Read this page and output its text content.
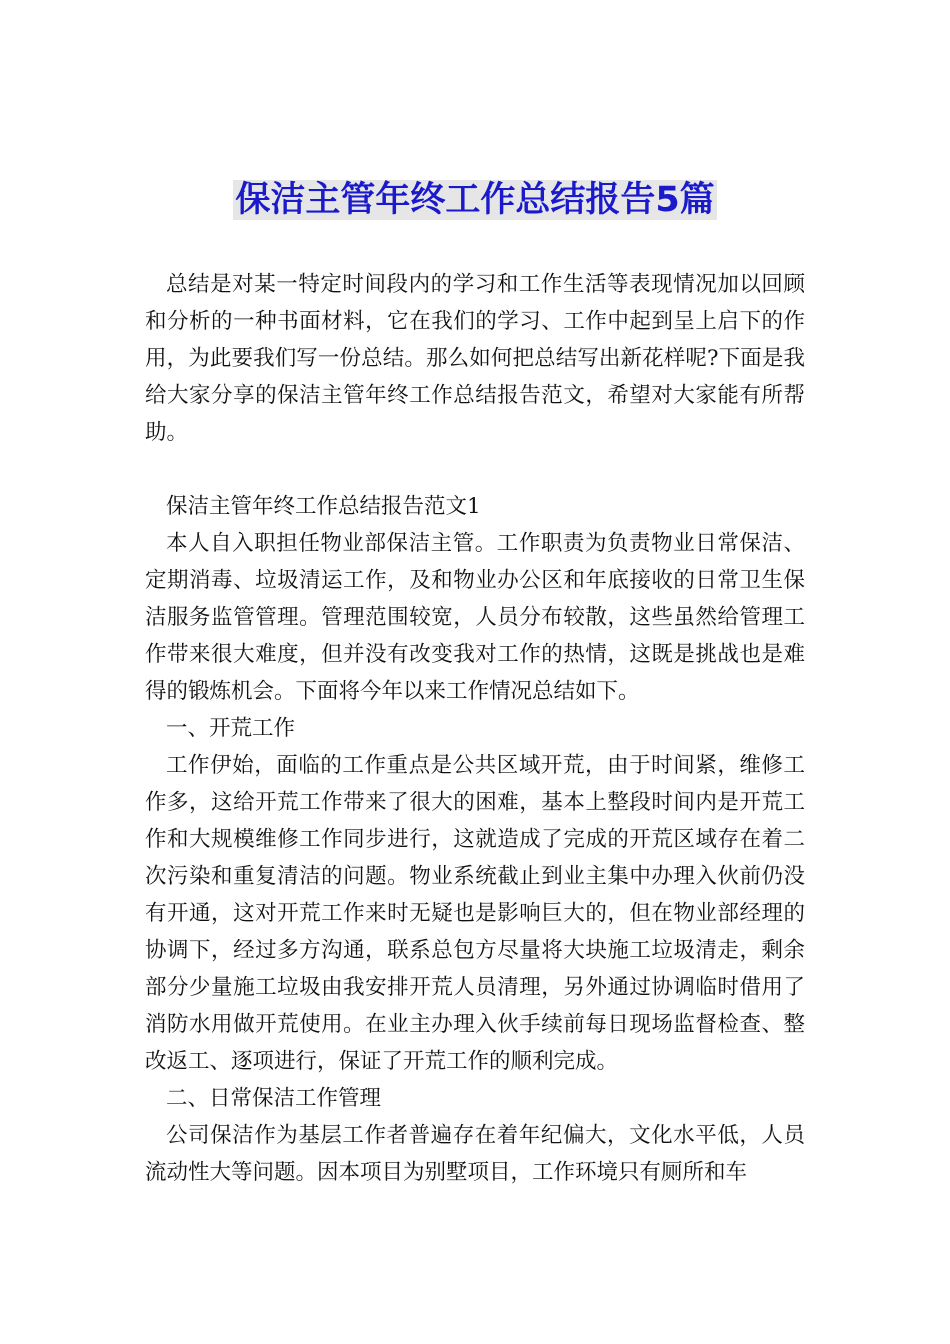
保洁主管年终工作总结报告5篇

总结是对某一特定时间段内的学习和工作生活等表现情况加以回顾和分析的一种书面材料，它在我们的学习、工作中起到呈上启下的作用，为此要我们写一份总结。那么如何把总结写出新花样呢?下面是我给大家分享的保洁主管年终工作总结报告范文，希望对大家能有所帮助。

保洁主管年终工作总结报告范文1

本人自入职担任物业部保洁主管。工作职责为负责物业日常保洁、定期消毒、垃圾清运工作，及和物业办公区和年底接收的日常卫生保洁服务监管管理。管理范围较宽，人员分布较散，这些虽然给管理工作带来很大难度，但并没有改变我对工作的热情，这既是挑战也是难得的锻炼机会。下面将今年以来工作情况总结如下。

一、开荒工作

工作伊始，面临的工作重点是公共区域开荒，由于时间紧，维修工作多，这给开荒工作带来了很大的困难，基本上整段时间内是开荒工作和大规模维修工作同步进行，这就造成了完成的开荒区域存在着二次污染和重复清洁的问题。物业系统截止到业主集中办理入伙前仍没有开通，这对开荒工作来时无疑也是影响巨大的，但在物业部经理的协调下，经过多方沟通，联系总包方尽量将大块施工垃圾清走，剩余部分少量施工垃圾由我安排开荒人员清理，另外通过协调临时借用了消防水用做开荒使用。在业主办理入伙手续前每日现场监督检查、整改返工、逐项进行，保证了开荒工作的顺利完成。

二、日常保洁工作管理

公司保洁作为基层工作者普遍存在着年纪偏大，文化水平低，人员流动性大等问题。因本项目为别墅项目，工作环境只有厕所和车
